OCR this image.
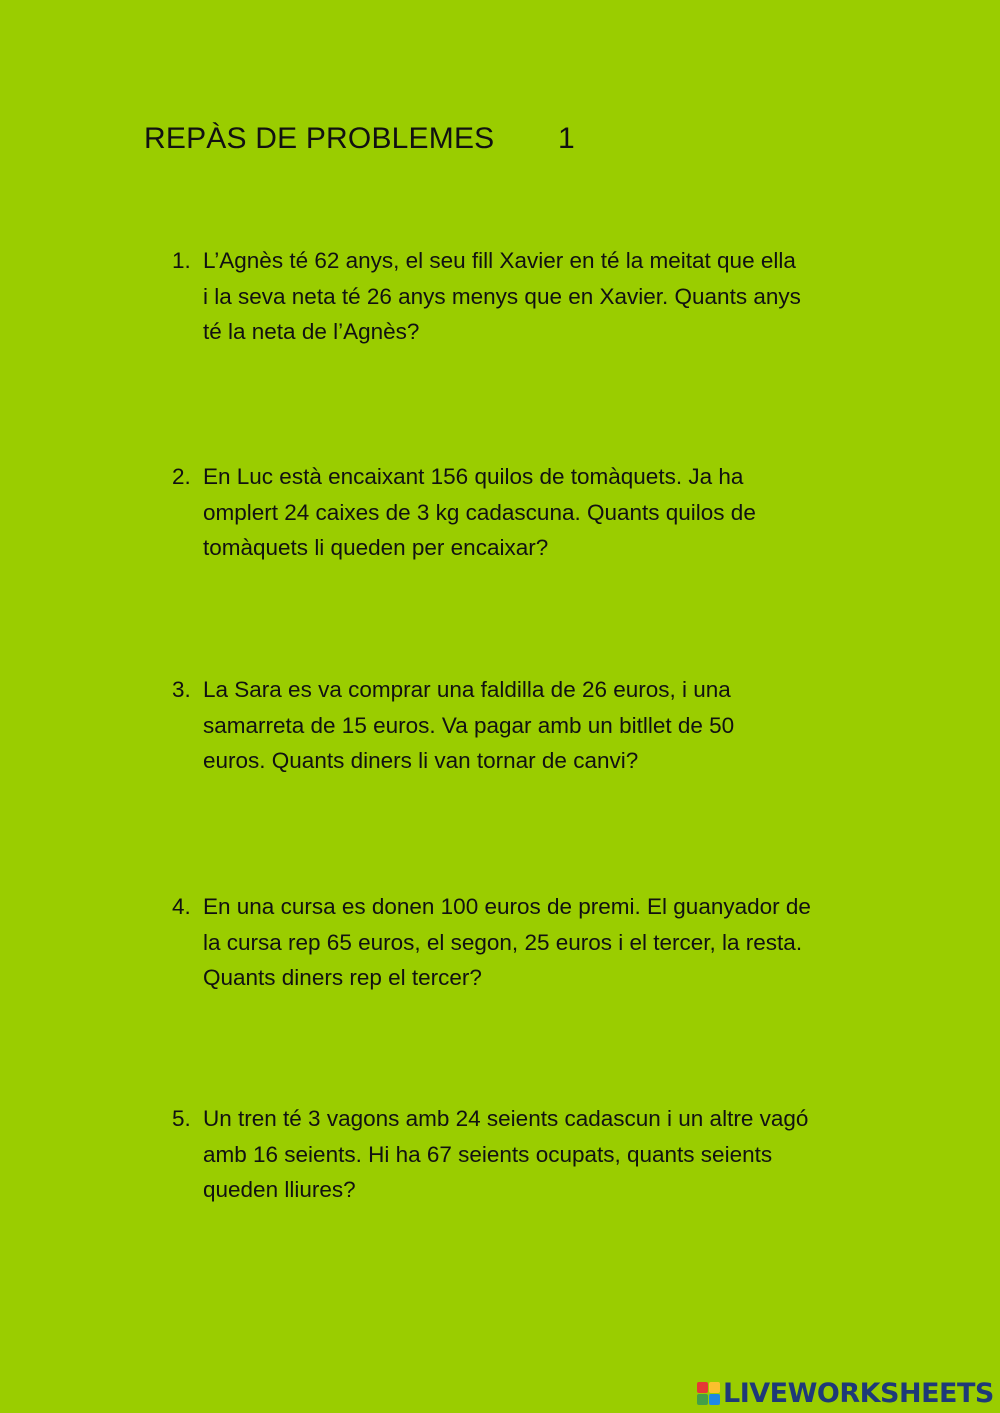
REPÀS DE PROBLEMES 1
1. L’Agnès té 62 anys, el seu fill Xavier en té la meitat que ella
i la seva neta té 26 anys menys que en Xavier. Quants anys
té la neta de l’Agnès?
2. En Luc està encaixant 156 quilos de tomàquets. Ja ha
omplert 24 caixes de 3 kg cadascuna. Quants quilos de
tomàquets li queden per encaixar?
3. La Sara es va comprar una faldilla de 26 euros, i una
samarreta de 15 euros. Va pagar amb un bitllet de 50
euros. Quants diners li van tornar de canvi?
4. En una cursa es donen 100 euros de premi. El guanyador de
la cursa rep 65 euros, el segon, 25 euros i el tercer, la resta.
Quants diners rep el tercer?
5. Un tren té 3 vagons amb 24 seients cadascun i un altre vagó
amb 16 seients. Hi ha 67 seients ocupats, quants seients
queden lliures?
LIVEWORKSHEETS
